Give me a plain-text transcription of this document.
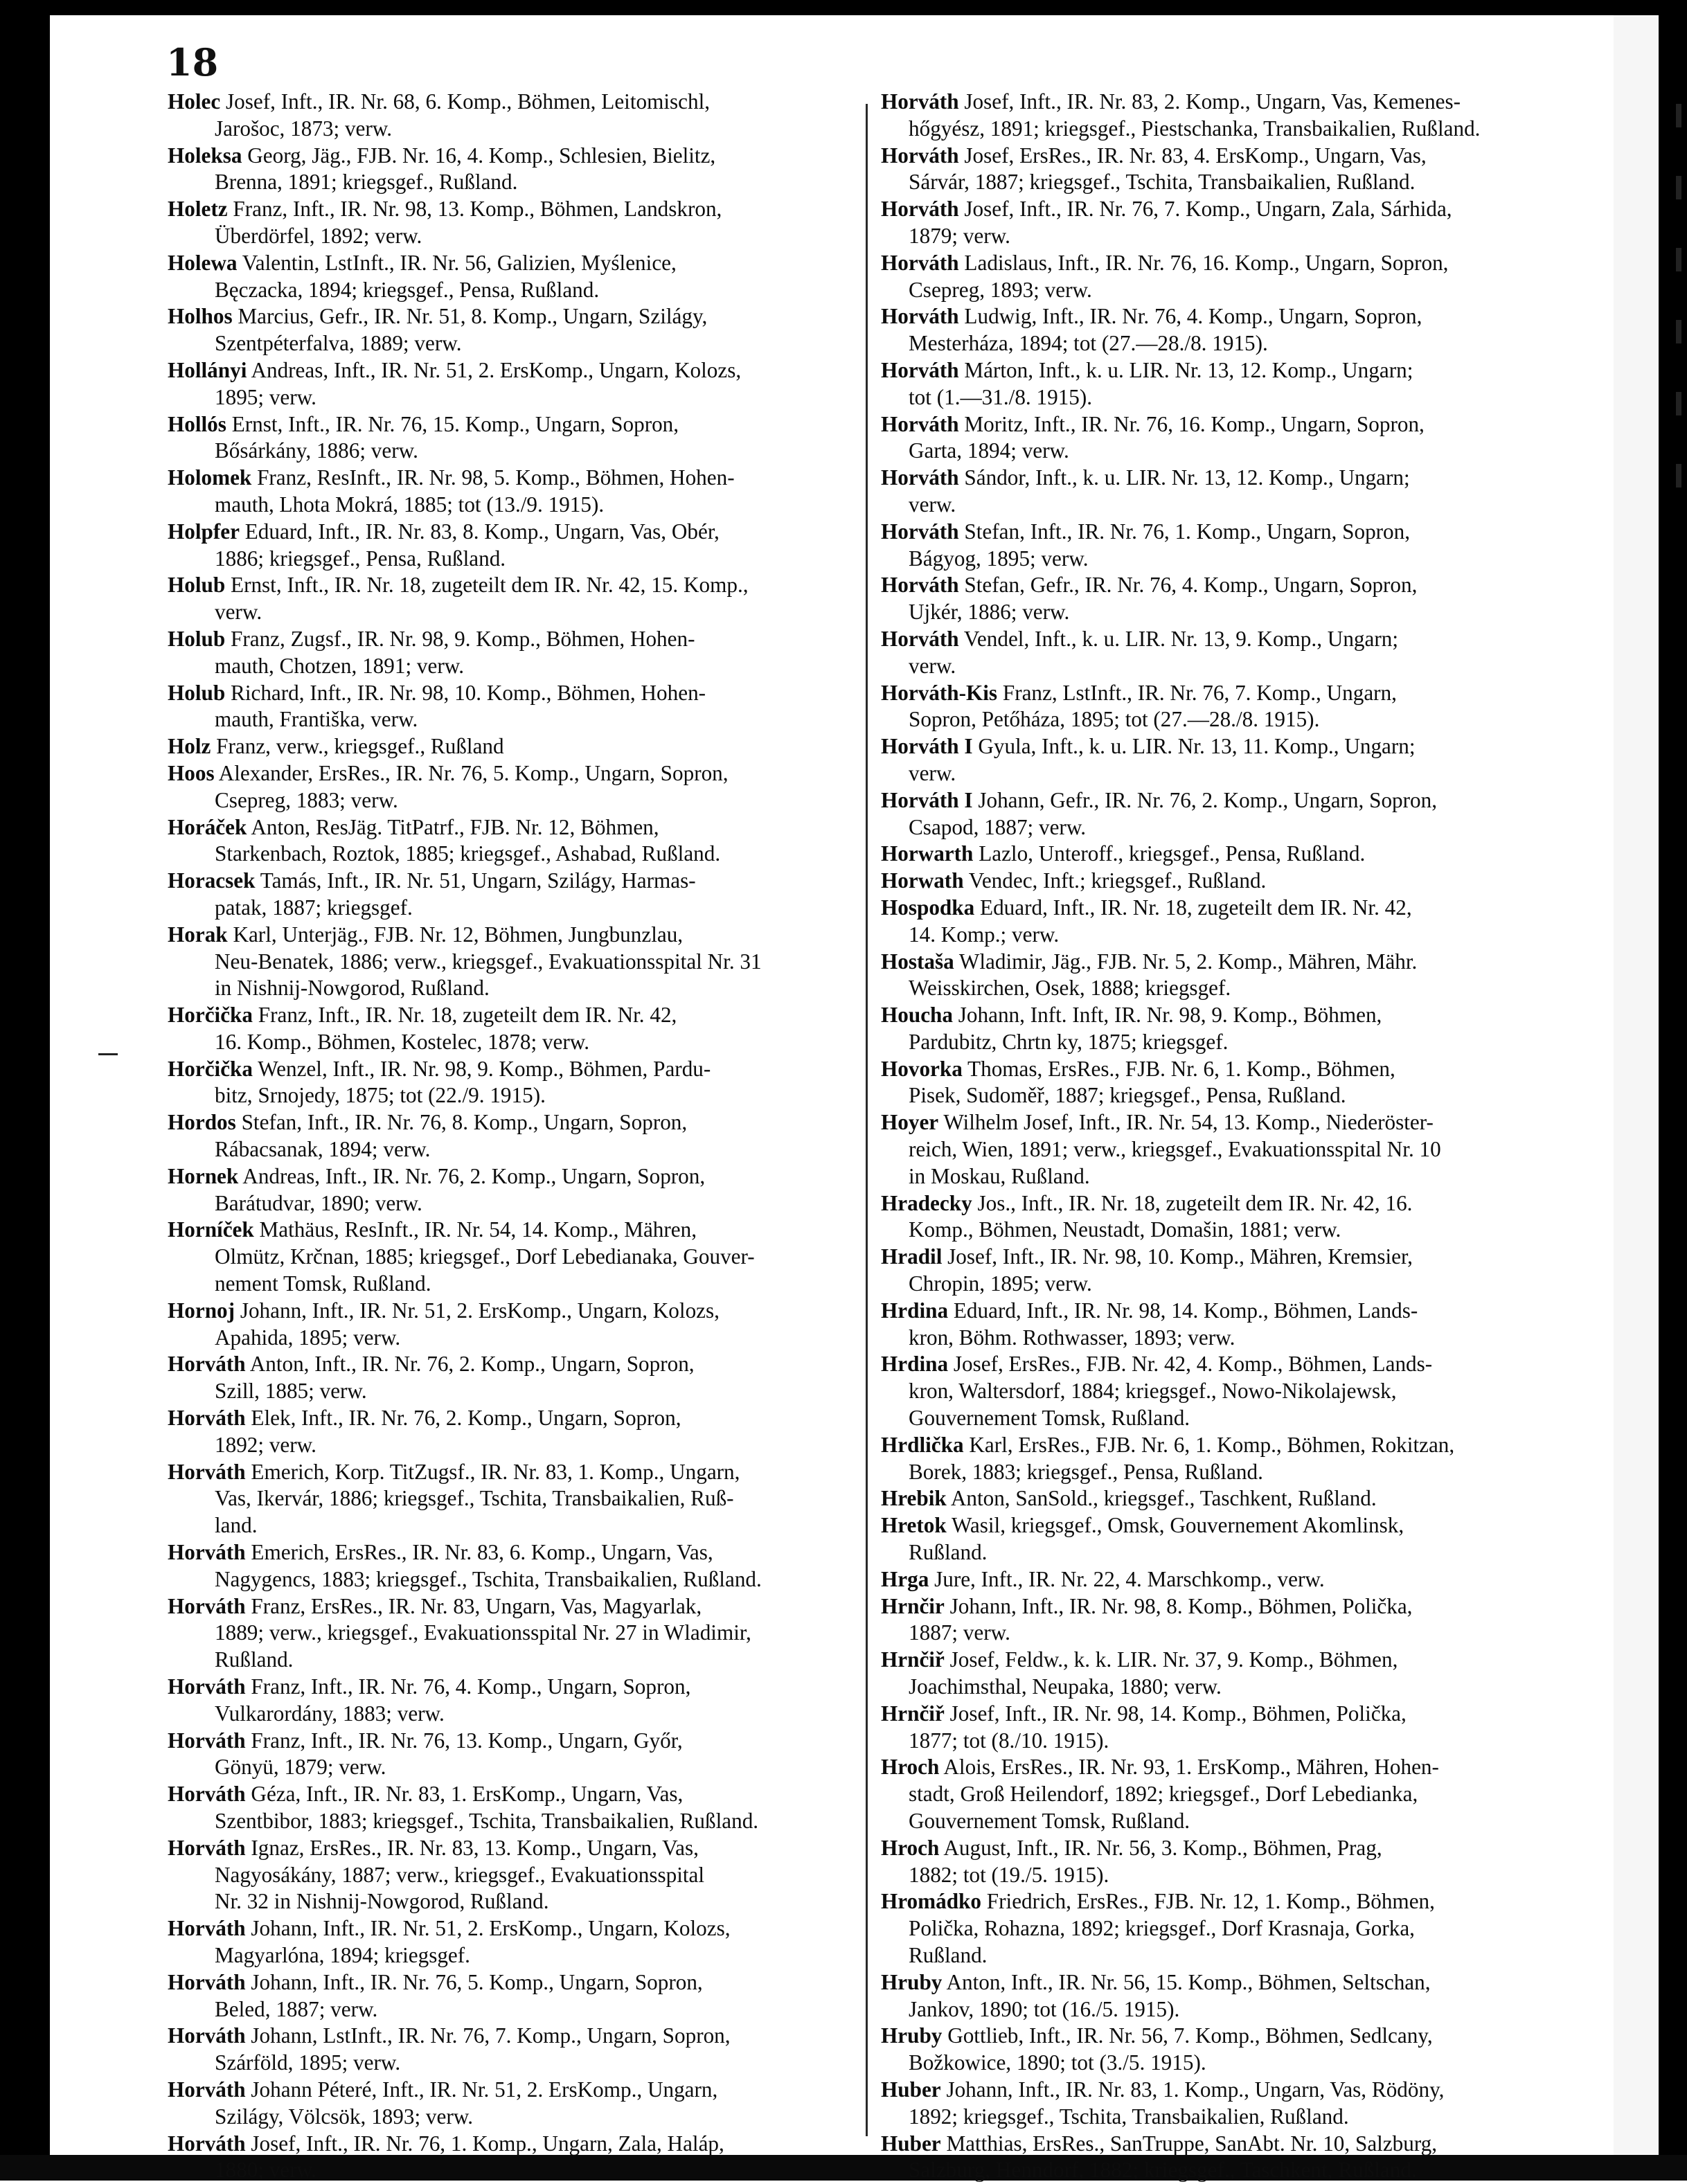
18
Holec Josef, Inft., IR. Nr. 68, 6. Komp., Böhmen, Leitomischl,
Jarošoc, 1873; verw.
Holeksa Georg, Jäg., FJB. Nr. 16, 4. Komp., Schlesien, Bielitz,
Brenna, 1891; kriegsgef., Rußland.
Holetz Franz, Inft., IR. Nr. 98, 13. Komp., Böhmen, Landskron,
Überdörfel, 1892; verw.
Holewa Valentin, LstInft., IR. Nr. 56, Galizien, Myślenice,
Bęczacka, 1894; kriegsgef., Pensa, Rußland.
Holhos Marcius, Gefr., IR. Nr. 51, 8. Komp., Ungarn, Szilágy,
Szentpéterfalva, 1889; verw.
Hollányi Andreas, Inft., IR. Nr. 51, 2. ErsKomp., Ungarn, Kolozs,
1895; verw.
Hollós Ernst, Inft., IR. Nr. 76, 15. Komp., Ungarn, Sopron,
Bősárkány, 1886; verw.
Holomek Franz, ResInft., IR. Nr. 98, 5. Komp., Böhmen, Hohen-
mauth, Lhota Mokrá, 1885; tot (13./9. 1915).
Holpfer Eduard, Inft., IR. Nr. 83, 8. Komp., Ungarn, Vas, Obér,
1886; kriegsgef., Pensa, Rußland.
Holub Ernst, Inft., IR. Nr. 18, zugeteilt dem IR. Nr. 42, 15. Komp.,
verw.
Holub Franz, Zugsf., IR. Nr. 98, 9. Komp., Böhmen, Hohen-
mauth, Chotzen, 1891; verw.
Holub Richard, Inft., IR. Nr. 98, 10. Komp., Böhmen, Hohen-
mauth, Františka, verw.
Holz Franz, verw., kriegsgef., Rußland
Hoos Alexander, ErsRes., IR. Nr. 76, 5. Komp., Ungarn, Sopron,
Csepreg, 1883; verw.
Horáček Anton, ResJäg. TitPatrf., FJB. Nr. 12, Böhmen,
Starkenbach, Roztok, 1885; kriegsgef., Ashabad, Rußland.
Horacsek Tamás, Inft., IR. Nr. 51, Ungarn, Szilágy, Harmas-
patak, 1887; kriegsgef.
Horak Karl, Unterjäg., FJB. Nr. 12, Böhmen, Jungbunzlau,
Neu-Benatek, 1886; verw., kriegsgef., Evakuationsspital Nr. 31
in Nishnij-Nowgorod, Rußland.
Horčička Franz, Inft., IR. Nr. 18, zugeteilt dem IR. Nr. 42,
16. Komp., Böhmen, Kostelec, 1878; verw.
Horčička Wenzel, Inft., IR. Nr. 98, 9. Komp., Böhmen, Pardu-
bitz, Srnojedy, 1875; tot (22./9. 1915).
Hordos Stefan, Inft., IR. Nr. 76, 8. Komp., Ungarn, Sopron,
Rábacsanak, 1894; verw.
Hornek Andreas, Inft., IR. Nr. 76, 2. Komp., Ungarn, Sopron,
Barátudvar, 1890; verw.
Horníček Mathäus, ResInft., IR. Nr. 54, 14. Komp., Mähren,
Olmütz, Krčnan, 1885; kriegsgef., Dorf Lebedianaka, Gouver-
nement Tomsk, Rußland.
Hornoj Johann, Inft., IR. Nr. 51, 2. ErsKomp., Ungarn, Kolozs,
Apahida, 1895; verw.
Horváth Anton, Inft., IR. Nr. 76, 2. Komp., Ungarn, Sopron,
Szill, 1885; verw.
Horváth Elek, Inft., IR. Nr. 76, 2. Komp., Ungarn, Sopron,
1892; verw.
Horváth Emerich, Korp. TitZugsf., IR. Nr. 83, 1. Komp., Ungarn,
Vas, Ikervár, 1886; kriegsgef., Tschita, Transbaikalien, Ruß-
land.
Horváth Emerich, ErsRes., IR. Nr. 83, 6. Komp., Ungarn, Vas,
Nagygencs, 1883; kriegsgef., Tschita, Transbaikalien, Rußland.
Horváth Franz, ErsRes., IR. Nr. 83, Ungarn, Vas, Magyarlak,
1889; verw., kriegsgef., Evakuationsspital Nr. 27 in Wladimir,
Rußland.
Horváth Franz, Inft., IR. Nr. 76, 4. Komp., Ungarn, Sopron,
Vulkarordány, 1883; verw.
Horváth Franz, Inft., IR. Nr. 76, 13. Komp., Ungarn, Győr,
Gönyü, 1879; verw.
Horváth Géza, Inft., IR. Nr. 83, 1. ErsKomp., Ungarn, Vas,
Szentbibor, 1883; kriegsgef., Tschita, Transbaikalien, Rußland.
Horváth Ignaz, ErsRes., IR. Nr. 83, 13. Komp., Ungarn, Vas,
Nagyosákány, 1887; verw., kriegsgef., Evakuationsspital
Nr. 32 in Nishnij-Nowgorod, Rußland.
Horváth Johann, Inft., IR. Nr. 51, 2. ErsKomp., Ungarn, Kolozs,
Magyarlóna, 1894; kriegsgef.
Horváth Johann, Inft., IR. Nr. 76, 5. Komp., Ungarn, Sopron,
Beled, 1887; verw.
Horváth Johann, LstInft., IR. Nr. 76, 7. Komp., Ungarn, Sopron,
Szárföld, 1895; verw.
Horváth Johann Péteré, Inft., IR. Nr. 51, 2. ErsKomp., Ungarn,
Szilágy, Völcsök, 1893; verw.
Horváth Josef, Inft., IR. Nr. 76, 1. Komp., Ungarn, Zala, Haláp,
1880; verw.
Horváth Josef, Inft., IR. Nr. 83, 2. Komp., Ungarn, Vas, Kemenes-
hőgyész, 1891; kriegsgef., Piestschanka, Transbaikalien, Rußland.
Horváth Josef, ErsRes., IR. Nr. 83, 4. ErsKomp., Ungarn, Vas,
Sárvár, 1887; kriegsgef., Tschita, Transbaikalien, Rußland.
Horváth Josef, Inft., IR. Nr. 76, 7. Komp., Ungarn, Zala, Sárhida,
1879; verw.
Horváth Ladislaus, Inft., IR. Nr. 76, 16. Komp., Ungarn, Sopron,
Csepreg, 1893; verw.
Horváth Ludwig, Inft., IR. Nr. 76, 4. Komp., Ungarn, Sopron,
Mesterháza, 1894; tot (27.—28./8. 1915).
Horváth Márton, Inft., k. u. LIR. Nr. 13, 12. Komp., Ungarn;
tot (1.—31./8. 1915).
Horváth Moritz, Inft., IR. Nr. 76, 16. Komp., Ungarn, Sopron,
Garta, 1894; verw.
Horváth Sándor, Inft., k. u. LIR. Nr. 13, 12. Komp., Ungarn;
verw.
Horváth Stefan, Inft., IR. Nr. 76, 1. Komp., Ungarn, Sopron,
Bágyog, 1895; verw.
Horváth Stefan, Gefr., IR. Nr. 76, 4. Komp., Ungarn, Sopron,
Ujkér, 1886; verw.
Horváth Vendel, Inft., k. u. LIR. Nr. 13, 9. Komp., Ungarn;
verw.
Horváth-Kis Franz, LstInft., IR. Nr. 76, 7. Komp., Ungarn,
Sopron, Petőháza, 1895; tot (27.—28./8. 1915).
Horváth I Gyula, Inft., k. u. LIR. Nr. 13, 11. Komp., Ungarn;
verw.
Horváth I Johann, Gefr., IR. Nr. 76, 2. Komp., Ungarn, Sopron,
Csapod, 1887; verw.
Horwarth Lazlo, Unteroff., kriegsgef., Pensa, Rußland.
Horwath Vendec, Inft.; kriegsgef., Rußland.
Hospodka Eduard, Inft., IR. Nr. 18, zugeteilt dem IR. Nr. 42,
14. Komp.; verw.
Hostaša Wladimir, Jäg., FJB. Nr. 5, 2. Komp., Mähren, Mähr.
Weisskirchen, Osek, 1888; kriegsgef.
Houcha Johann, Inft. Inft, IR. Nr. 98, 9. Komp., Böhmen,
Pardubitz, Chrtn ky, 1875; kriegsgef.
Hovorka Thomas, ErsRes., FJB. Nr. 6, 1. Komp., Böhmen,
Pisek, Sudoměř, 1887; kriegsgef., Pensa, Rußland.
Hoyer Wilhelm Josef, Inft., IR. Nr. 54, 13. Komp., Niederöster-
reich, Wien, 1891; verw., kriegsgef., Evakuationsspital Nr. 10
in Moskau, Rußland.
Hradecky Jos., Inft., IR. Nr. 18, zugeteilt dem IR. Nr. 42, 16.
Komp., Böhmen, Neustadt, Domašin, 1881; verw.
Hradil Josef, Inft., IR. Nr. 98, 10. Komp., Mähren, Kremsier,
Chropin, 1895; verw.
Hrdina Eduard, Inft., IR. Nr. 98, 14. Komp., Böhmen, Lands-
kron, Böhm. Rothwasser, 1893; verw.
Hrdina Josef, ErsRes., FJB. Nr. 42, 4. Komp., Böhmen, Lands-
kron, Waltersdorf, 1884; kriegsgef., Nowo-Nikolajewsk,
Gouvernement Tomsk, Rußland.
Hrdlička Karl, ErsRes., FJB. Nr. 6, 1. Komp., Böhmen, Rokitzan,
Borek, 1883; kriegsgef., Pensa, Rußland.
Hrebik Anton, SanSold., kriegsgef., Taschkent, Rußland.
Hretok Wasil, kriegsgef., Omsk, Gouvernement Akomlinsk,
Rußland.
Hrga Jure, Inft., IR. Nr. 22, 4. Marschkomp., verw.
Hrnčir Johann, Inft., IR. Nr. 98, 8. Komp., Böhmen, Polička,
1887; verw.
Hrnčiř Josef, Feldw., k. k. LIR. Nr. 37, 9. Komp., Böhmen,
Joachimsthal, Neupaka, 1880; verw.
Hrnčiř Josef, Inft., IR. Nr. 98, 14. Komp., Böhmen, Polička,
1877; tot (8./10. 1915).
Hroch Alois, ErsRes., IR. Nr. 93, 1. ErsKomp., Mähren, Hohen-
stadt, Groß Heilendorf, 1892; kriegsgef., Dorf Lebedianka,
Gouvernement Tomsk, Rußland.
Hroch August, Inft., IR. Nr. 56, 3. Komp., Böhmen, Prag,
1882; tot (19./5. 1915).
Hromádko Friedrich, ErsRes., FJB. Nr. 12, 1. Komp., Böhmen,
Polička, Rohazna, 1892; kriegsgef., Dorf Krasnaja, Gorka,
Rußland.
Hruby Anton, Inft., IR. Nr. 56, 15. Komp., Böhmen, Seltschan,
Jankov, 1890; tot (16./5. 1915).
Hruby Gottlieb, Inft., IR. Nr. 56, 7. Komp., Böhmen, Sedlcany,
Božkowice, 1890; tot (3./5. 1915).
Huber Johann, Inft., IR. Nr. 83, 1. Komp., Ungarn, Vas, Rödöny,
1892; kriegsgef., Tschita, Transbaikalien, Rußland.
Huber Matthias, ErsRes., SanTruppe, SanAbt. Nr. 10, Salzburg,
Salzburg, Henndorf, 1882; kriegsgef., Taschkent, Rußland.
